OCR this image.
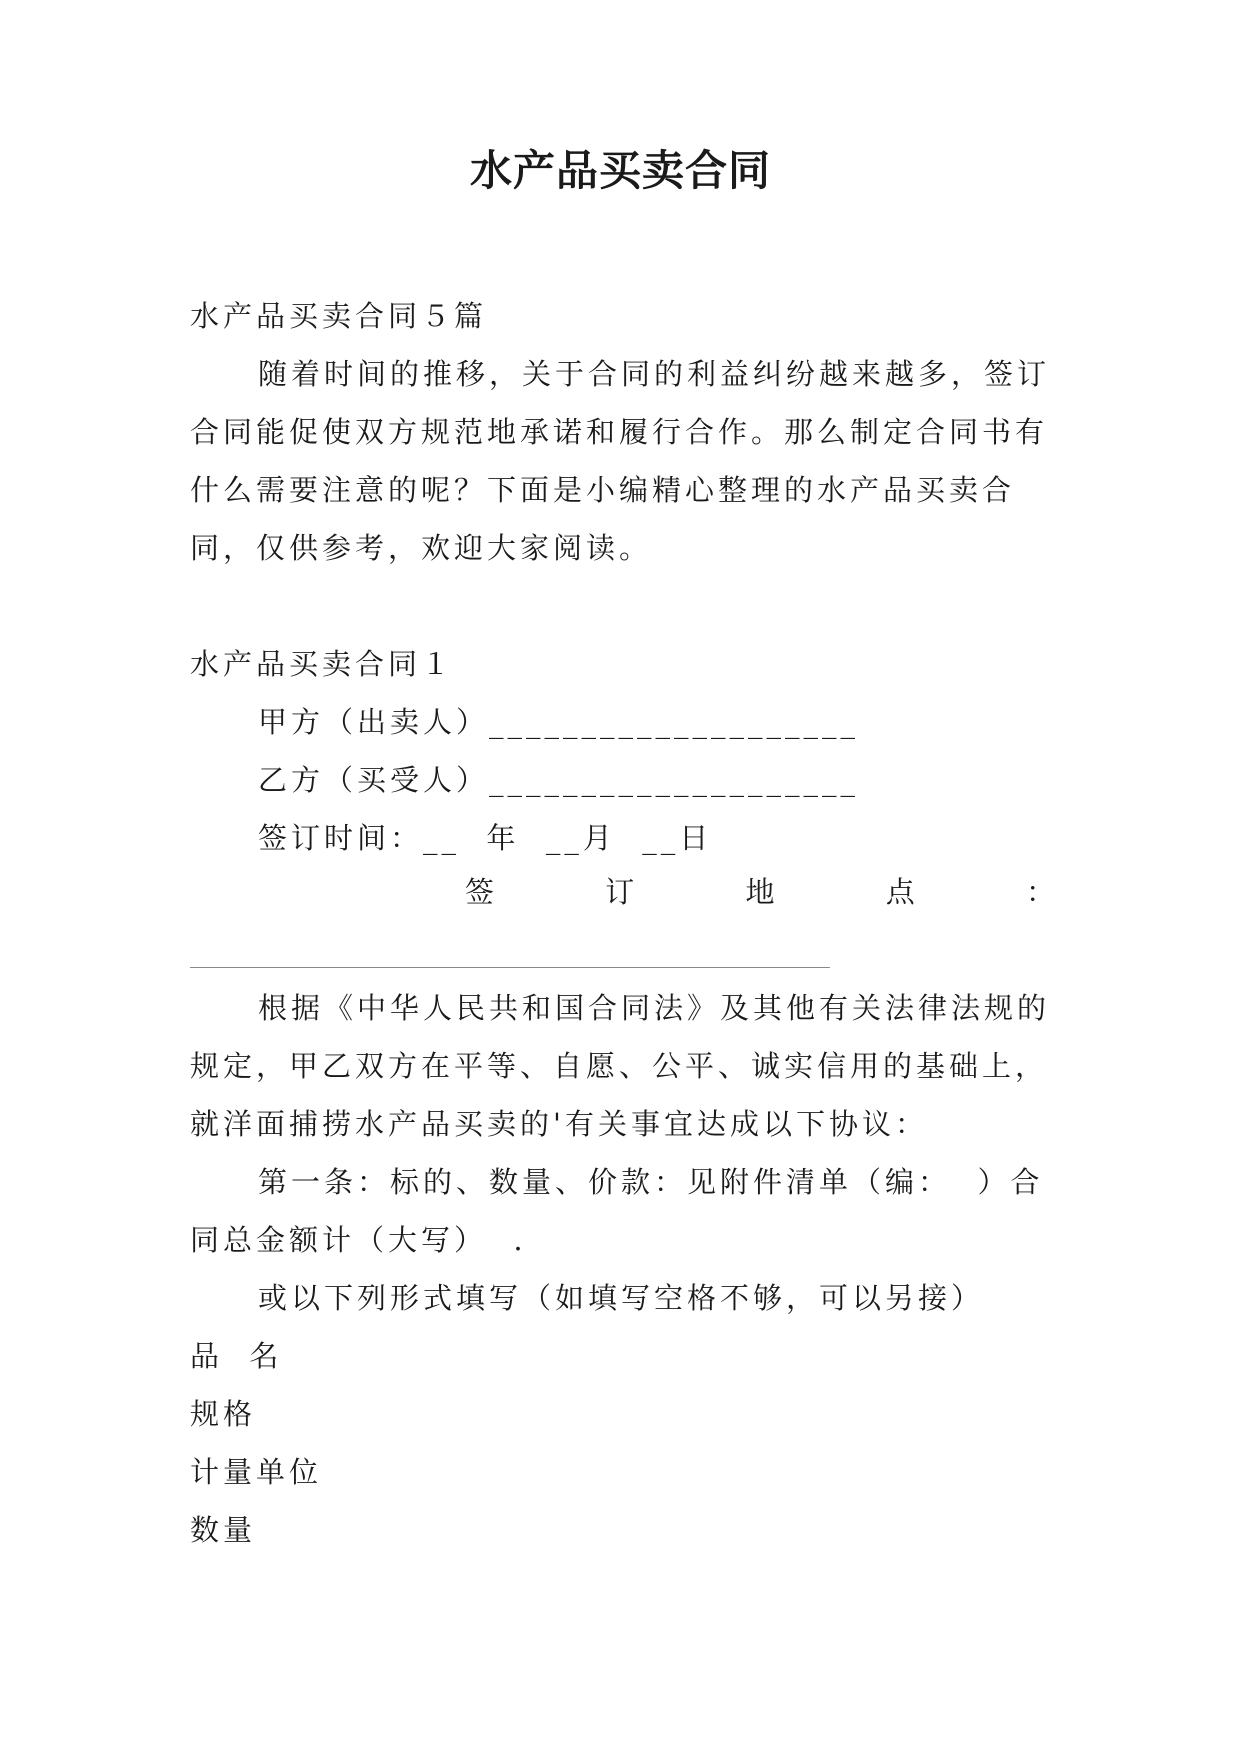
水产品买卖合同
水产品买卖合同５篇
随着时间的推移，关于合同的利益纠纷越来越多，签订
合同能促使双方规范地承诺和履行合作。那么制定合同书有
什么需要注意的呢？下面是小编精心整理的水产品买卖合
同，仅供参考，欢迎大家阅读。
水产品买卖合同１
甲方（出卖人）____________________
乙方（买受人）____________________
签订时间：__  年  __月  __日
签	订	地	点	：
根据《中华人民共和国合同法》及其他有关法律法规的
规定，甲乙双方在平等、自愿、公平、诚实信用的基础上，
就洋面捕捞水产品买卖的'有关事宜达成以下协议：
第一条：标的、数量、价款：见附件清单（编：  ）合
同总金额计（大写）  .
或以下列形式填写（如填写空格不够，可以另接）
品  名
规格
计量单位
数量
